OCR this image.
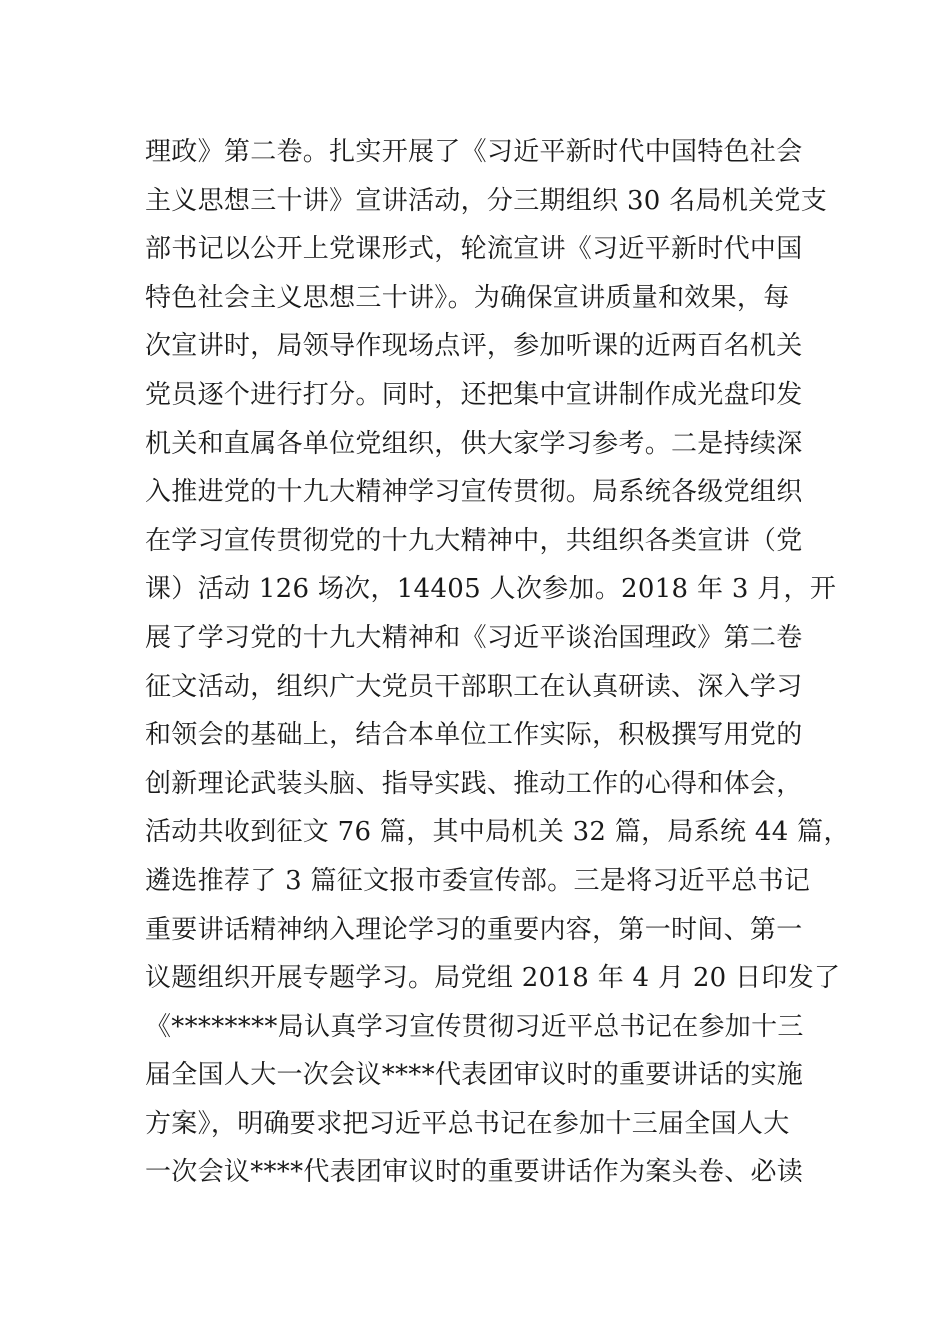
理政》第二卷。扎实开展了《习近平新时代中国特色社会
主义思想三十讲》宣讲活动，分三期组织 30 名局机关党支
部书记以公开上党课形式，轮流宣讲《习近平新时代中国
特色社会主义思想三十讲》。为确保宣讲质量和效果，每
次宣讲时，局领导作现场点评，参加听课的近两百名机关
党员逐个进行打分。同时，还把集中宣讲制作成光盘印发
机关和直属各单位党组织，供大家学习参考。二是持续深
入推进党的十九大精神学习宣传贯彻。局系统各级党组织
在学习宣传贯彻党的十九大精神中，共组织各类宣讲（党
课）活动 126 场次，14405 人次参加。2018 年 3 月，开
展了学习党的十九大精神和《习近平谈治国理政》第二卷
征文活动，组织广大党员干部职工在认真研读、深入学习
和领会的基础上，结合本单位工作实际，积极撰写用党的
创新理论武装头脑、指导实践、推动工作的心得和体会，
活动共收到征文 76 篇，其中局机关 32 篇，局系统 44 篇，
遴选推荐了 3 篇征文报市委宣传部。三是将习近平总书记
重要讲话精神纳入理论学习的重要内容，第一时间、第一
议题组织开展专题学习。局党组 2018 年 4 月 20 日印发了
《********局认真学习宣传贯彻习近平总书记在参加十三
届全国人大一次会议****代表团审议时的重要讲话的实施
方案》，明确要求把习近平总书记在参加十三届全国人大
一次会议****代表团审议时的重要讲话作为案头卷、必读
